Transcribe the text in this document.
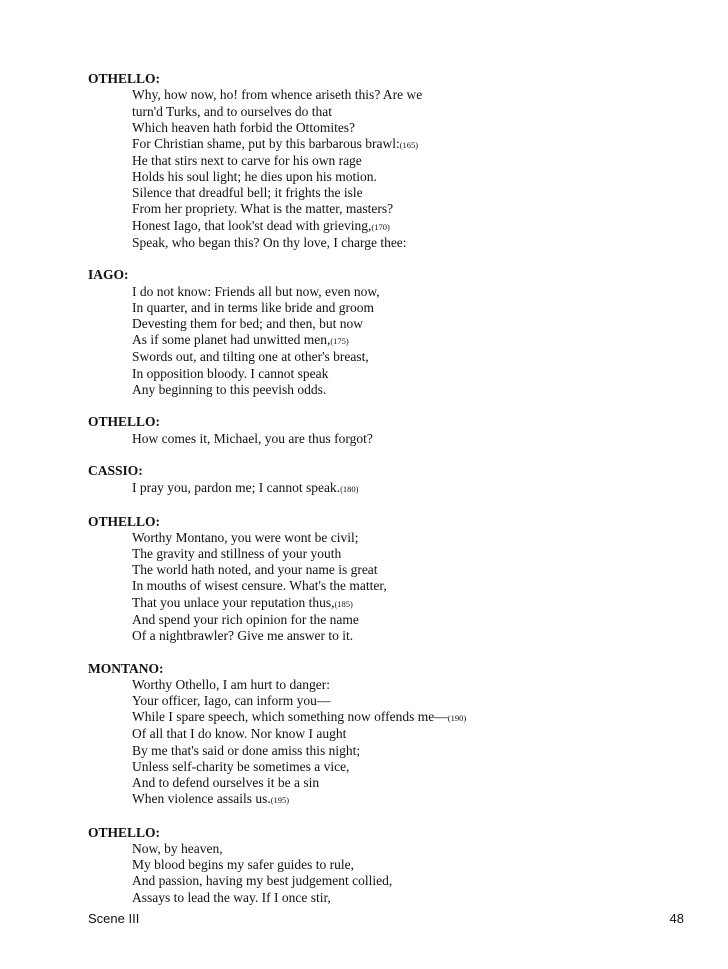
OTHELLO:
Why, how now, ho! from whence ariseth this? Are we
turn'd Turks, and to ourselves do that
Which heaven hath forbid the Ottomites?
For Christian shame, put by this barbarous brawl:(165)
He that stirs next to carve for his own rage
Holds his soul light; he dies upon his motion.
Silence that dreadful bell; it frights the isle
From her propriety. What is the matter, masters?
Honest Iago, that look'st dead with grieving,(170)
Speak, who began this? On thy love, I charge thee:
IAGO:
I do not know: Friends all but now, even now,
In quarter, and in terms like bride and groom
Devesting them for bed; and then, but now
As if some planet had unwitted men,(175)
Swords out, and tilting one at other's breast,
In opposition bloody. I cannot speak
Any beginning to this peevish odds.
OTHELLO:
How comes it, Michael, you are thus forgot?
CASSIO:
I pray you, pardon me; I cannot speak.(180)
OTHELLO:
Worthy Montano, you were wont be civil;
The gravity and stillness of your youth
The world hath noted, and your name is great
In mouths of wisest censure. What's the matter,
That you unlace your reputation thus,(185)
And spend your rich opinion for the name
Of a nightbrawler? Give me answer to it.
MONTANO:
Worthy Othello, I am hurt to danger:
Your officer, Iago, can inform you—
While I spare speech, which something now offends me—(190)
Of all that I do know. Nor know I aught
By me that's said or done amiss this night;
Unless self-charity be sometimes a vice,
And to defend ourselves it be a sin
When violence assails us.(195)
OTHELLO:
Now, by heaven,
My blood begins my safer guides to rule,
And passion, having my best judgement collied,
Assays to lead the way. If I once stir,
Scene III	48
